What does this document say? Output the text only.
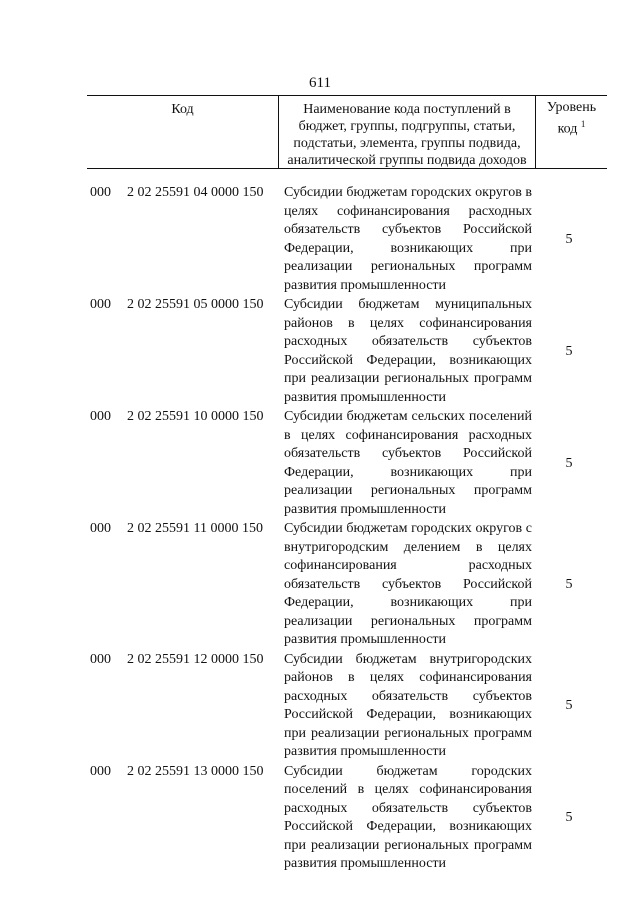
611
Код	Наименование кода поступлений в бюджет, группы, подгруппы, статьи, подстатьи, элемента, группы подвида, аналитической группы подвида доходов
Уровень код $^1$
000 2 02 25591 04 0000 150 Субсидии бюджетам городских округов в целях софинансирования расходных обязательств субъектов Российской Федерации, возникающих при реализации региональных программ развития промышленности
5
000 2 02 25591 05 0000 150 Субсидии бюджетам муниципальных районов в целях софинансирования расходных обязательств субъектов Российской Федерации, возникающих при реализации региональных программ развития промышленности
5
000 2 02 25591 10 0000 150 Субсидии бюджетам сельских поселений в целях софинансирования расходных обязательств субъектов Российской Федерации, возникающих при реализации региональных программ развития промышленности
5
000 2 02 25591 11 0000 150 Субсидии бюджетам городских округов с внутригородским делением в целях софинансирования расходных обязательств субъектов Российской Федерации, возникающих при реализации региональных программ развития промышленности
5
000 2 02 25591 12 0000 150 Субсидии бюджетам внутригородских районов в целях софинансирования расходных обязательств субъектов Российской Федерации, возникающих при реализации региональных программ развития промышленности
5
000 2 02 25591 13 0000 150 Субсидии бюджетам городских поселений в целях софинансирования расходных обязательств субъектов Российской Федерации, возникающих при реализации региональных программ развития промышленности
5
